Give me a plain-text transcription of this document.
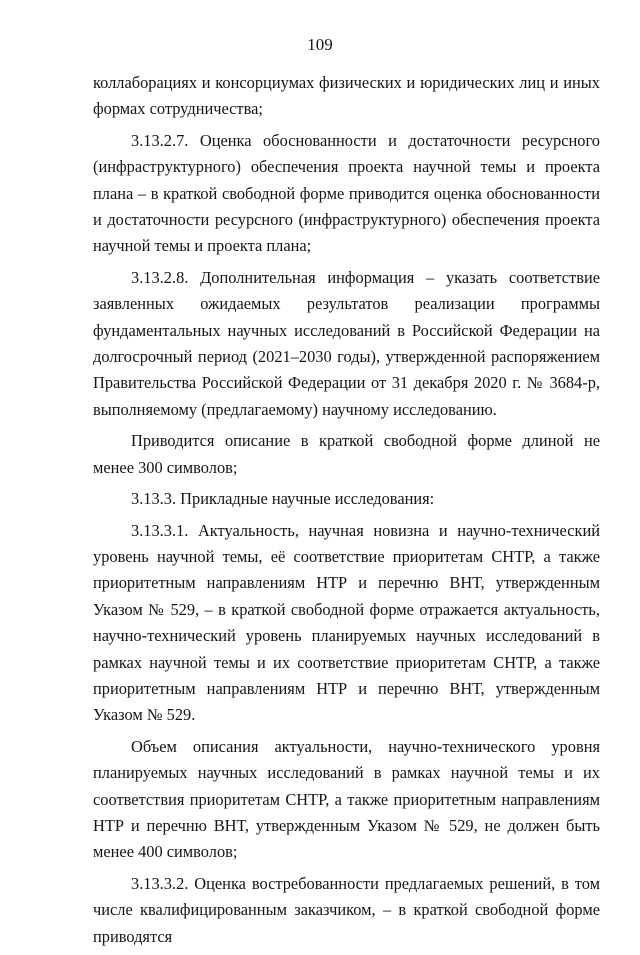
109

коллаборациях и консорциумах физических и юридических лиц и иных формах сотрудничества;

3.13.2.7. Оценка обоснованности и достаточности ресурсного (инфраструктурного) обеспечения проекта научной темы и проекта плана – в краткой свободной форме приводится оценка обоснованности и достаточности ресурсного (инфраструктурного) обеспечения проекта научной темы и проекта плана;

3.13.2.8. Дополнительная информация – указать соответствие заявленных ожидаемых результатов реализации программы фундаментальных научных исследований в Российской Федерации на долгосрочный период (2021–2030 годы), утвержденной распоряжением Правительства Российской Федерации от 31 декабря 2020 г. № 3684-р, выполняемому (предлагаемому) научному исследованию.

Приводится описание в краткой свободной форме длиной не менее 300 символов;

3.13.3. Прикладные научные исследования:

3.13.3.1. Актуальность, научная новизна и научно-технический уровень научной темы, её соответствие приоритетам СНТР, а также приоритетным направлениям НТР и перечню ВНТ, утвержденным Указом № 529, – в краткой свободной форме отражается актуальность, научно-технический уровень планируемых научных исследований в рамках научной темы и их соответствие приоритетам СНТР, а также приоритетным направлениям НТР и перечню ВНТ, утвержденным Указом № 529.

Объем описания актуальности, научно-технического уровня планируемых научных исследований в рамках научной темы и их соответствия приоритетам СНТР, а также приоритетным направлениям НТР и перечню ВНТ, утвержденным Указом № 529, не должен быть менее 400 символов;

3.13.3.2. Оценка востребованности предлагаемых решений, в том числе квалифицированным заказчиком, – в краткой свободной форме приводятся
